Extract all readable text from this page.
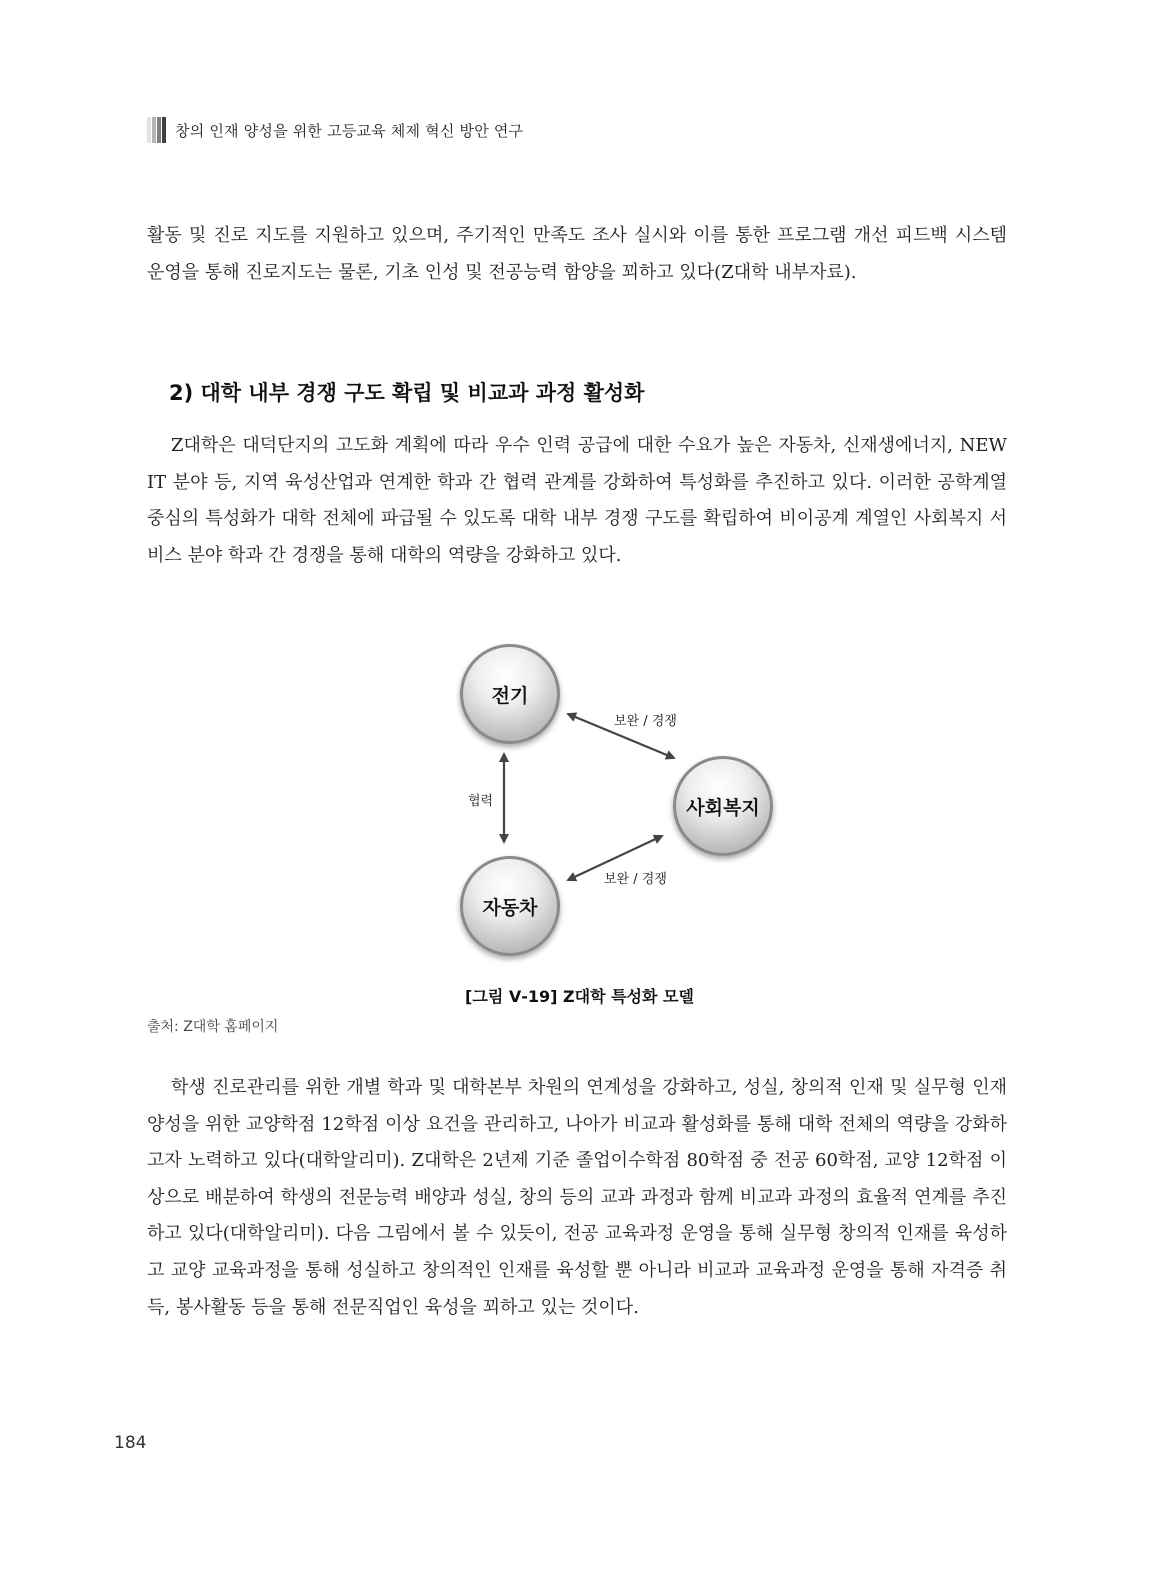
창의 인재 양성을 위한 고등교육 체제 혁신 방안 연구

활동 및 진로 지도를 지원하고 있으며, 주기적인 만족도 조사 실시와 이를 통한 프로그램 개선 피드백 시스템 운영을 통해 진로지도는 물론, 기초 인성 및 전공능력 함양을 꾀하고 있다(Z대학 내부자료).

2) 대학 내부 경쟁 구도 확립 및 비교과 과정 활성화

Z대학은 대덕단지의 고도화 계획에 따라 우수 인력 공급에 대한 수요가 높은 자동차, 신재생에너지, NEW IT 분야 등, 지역 육성산업과 연계한 학과 간 협력 관계를 강화하여 특성화를 추진하고 있다. 이러한 공학계열 중심의 특성화가 대학 전체에 파급될 수 있도록 대학 내부 경쟁 구도를 확립하여 비이공계 계열인 사회복지 서비스 분야 학과 간 경쟁을 통해 대학의 역량을 강화하고 있다.

전기
사회복지
자동차
보완 / 경쟁
보완 / 경쟁
협력

[그림 Ⅴ-19] Z대학 특성화 모델

출처: Z대학 홈페이지

학생 진로관리를 위한 개별 학과 및 대학본부 차원의 연계성을 강화하고, 성실, 창의적 인재 및 실무형 인재 양성을 위한 교양학점 12학점 이상 요건을 관리하고, 나아가 비교과 활성화를 통해 대학 전체의 역량을 강화하고자 노력하고 있다(대학알리미). Z대학은 2년제 기준 졸업이수학점 80학점 중 전공 60학점, 교양 12학점 이상으로 배분하여 학생의 전문능력 배양과 성실, 창의 등의 교과 과정과 함께 비교과 과정의 효율적 연계를 추진하고 있다(대학알리미). 다음 그림에서 볼 수 있듯이, 전공 교육과정 운영을 통해 실무형 창의적 인재를 육성하고 교양 교육과정을 통해 성실하고 창의적인 인재를 육성할 뿐 아니라 비교과 교육과정 운영을 통해 자격증 취득, 봉사활동 등을 통해 전문직업인 육성을 꾀하고 있는 것이다.

184
